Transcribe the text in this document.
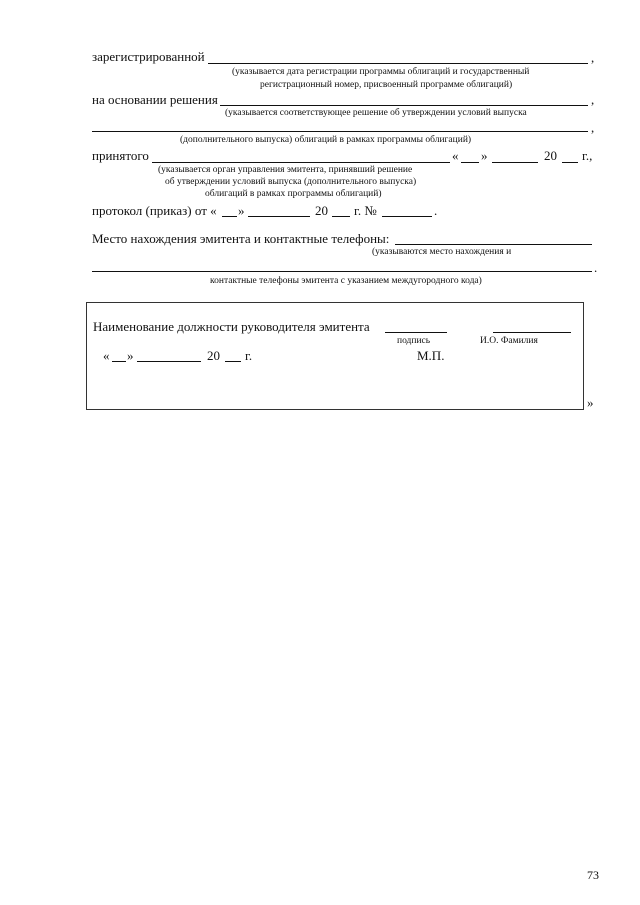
зарегистрированной	,
(указывается дата регистрации программы облигаций и государственный
регистрационный номер, присвоенный программе облигаций)
на основании решения	,
(указывается соответствующее решение об утверждении условий выпуска
,
(дополнительного выпуска) облигаций в рамках программы облигаций)
принятого	« »	20 г.,
(указывается орган управления эмитента, принявший решение
об утверждении условий выпуска (дополнительного выпуска)
облигаций в рамках программы облигаций)
протокол (приказ) от « »	20 г. №	.
Место нахождения эмитента и контактные телефоны:
(указываются место нахождения и
.
контактные телефоны эмитента с указанием междугородного кода)
Наименование должности руководителя эмитента
подпись	И.О. Фамилия
« »	20 г.	М.П.
»
73
